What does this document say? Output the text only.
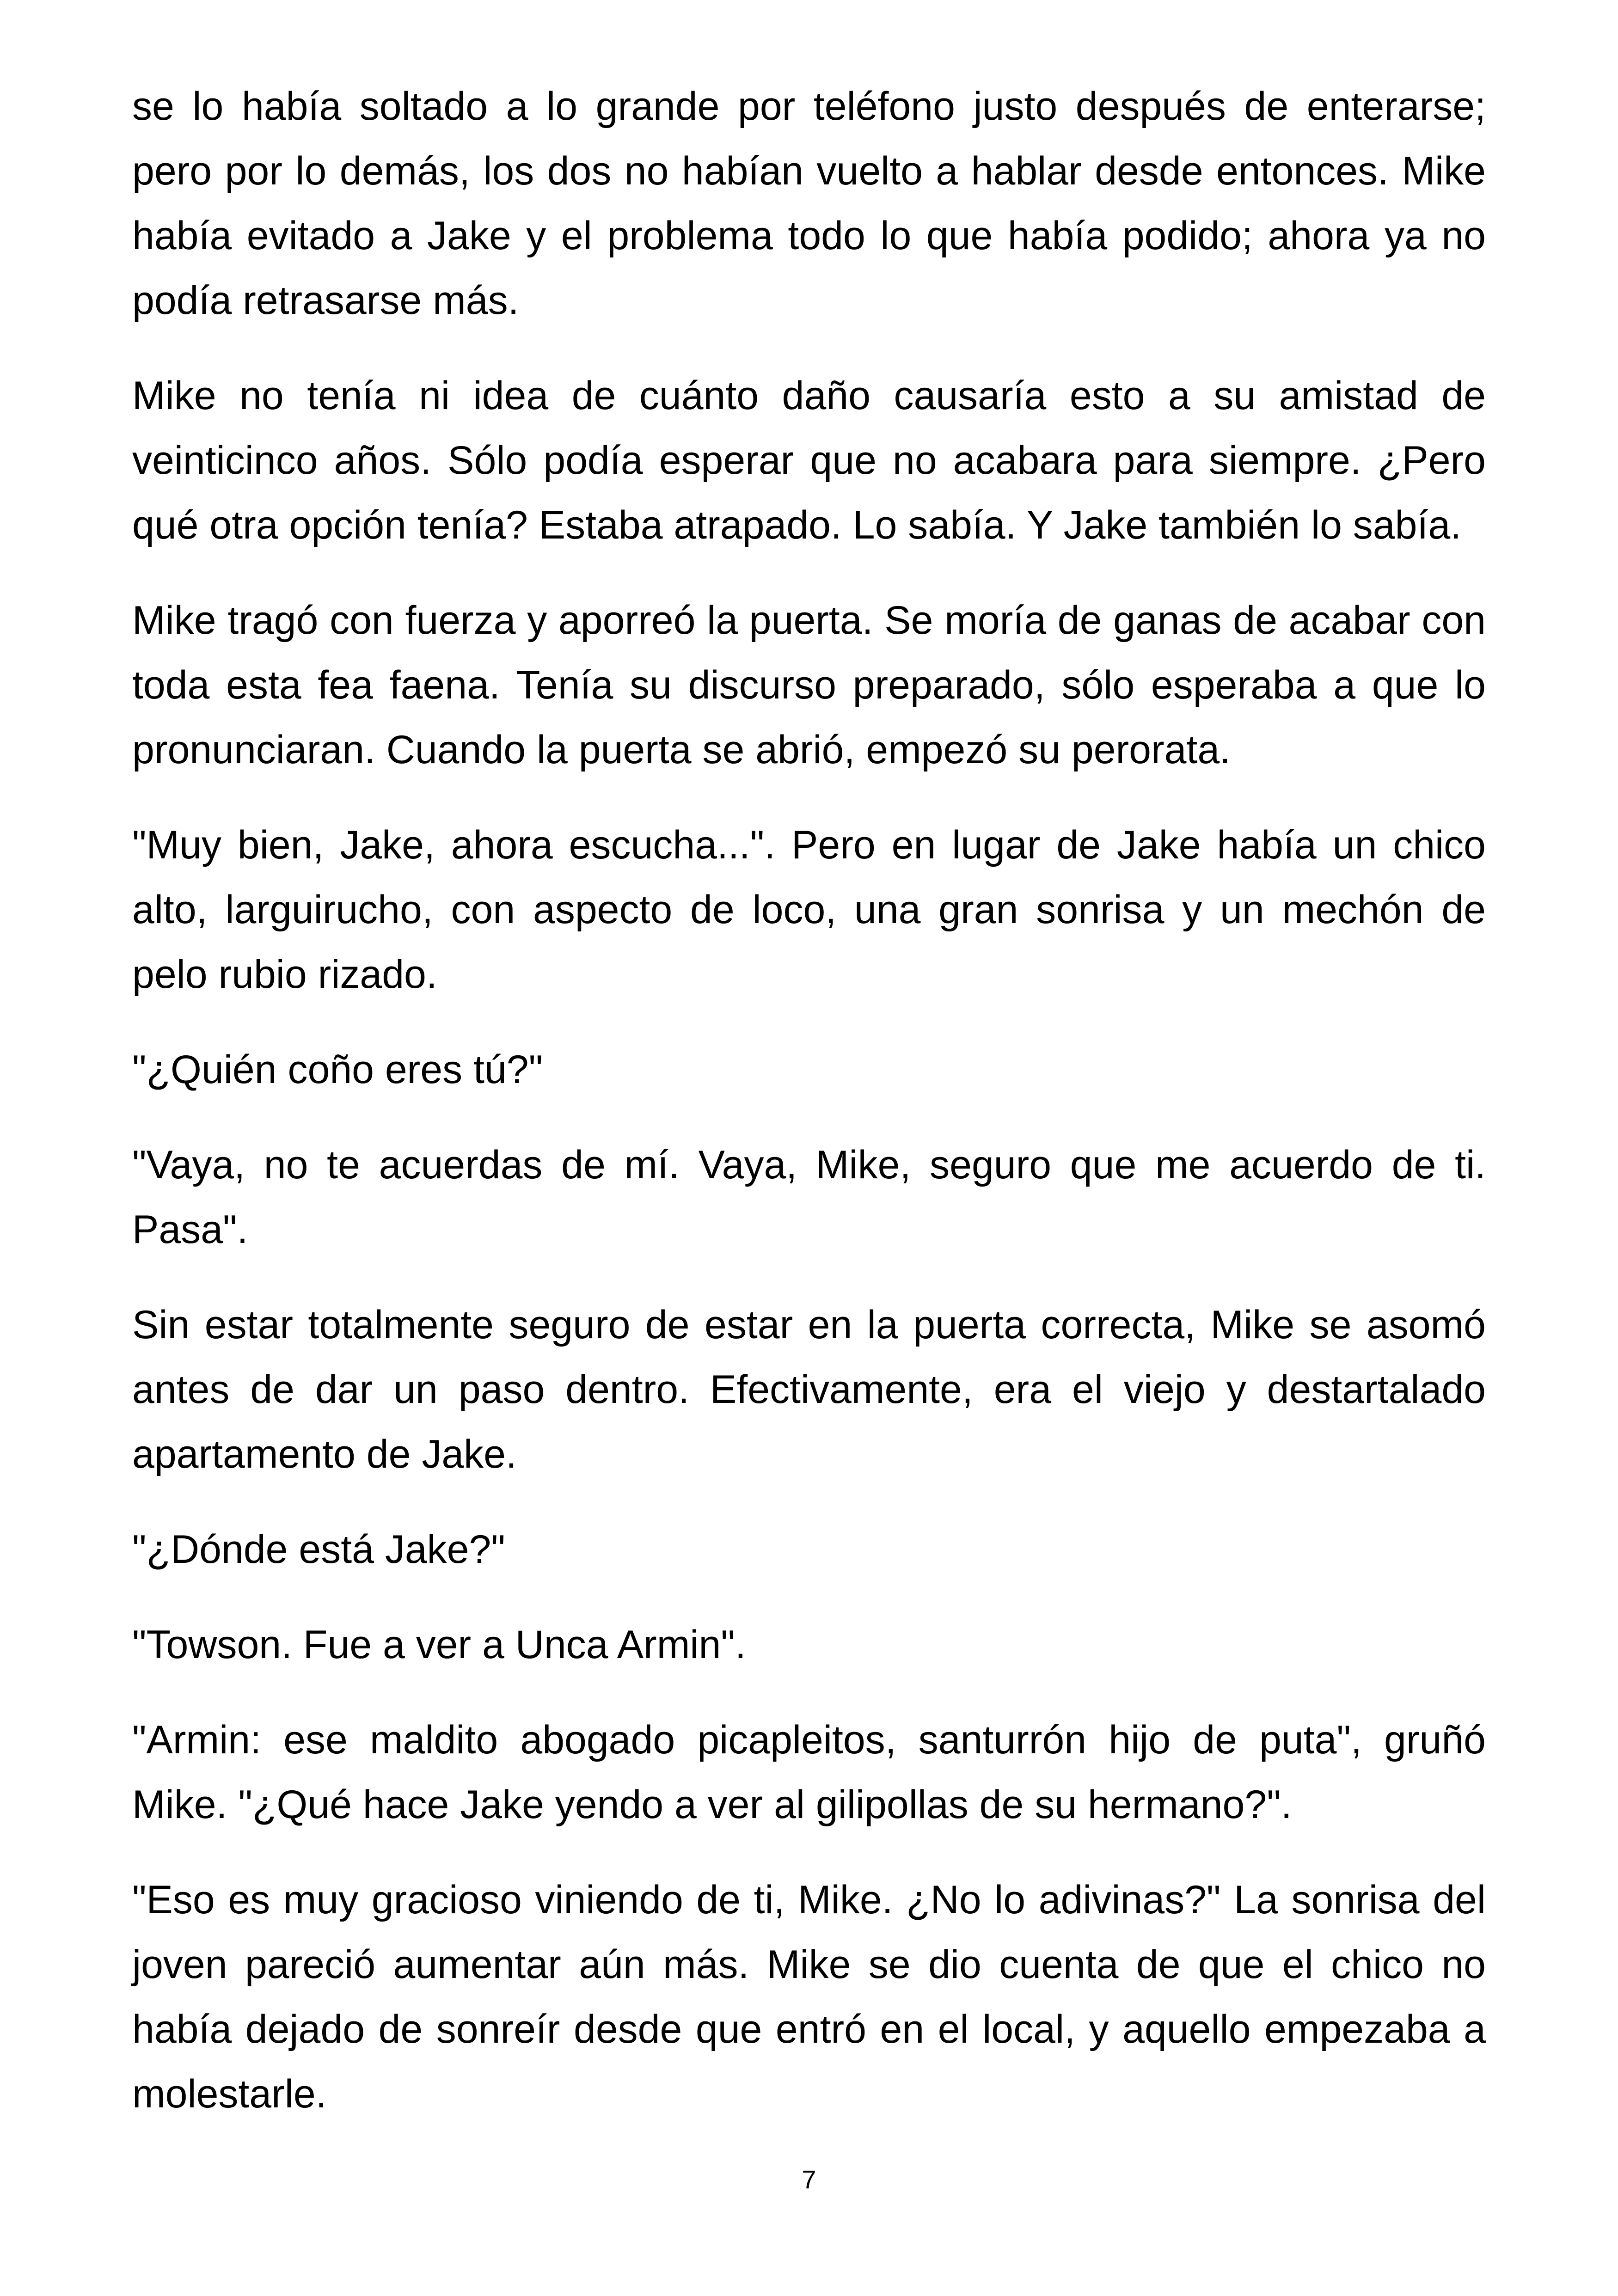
se lo había soltado a lo grande por teléfono justo después de enterarse; pero por lo demás, los dos no habían vuelto a hablar desde entonces. Mike había evitado a Jake y el problema todo lo que había podido; ahora ya no podía retrasarse más.

Mike no tenía ni idea de cuánto daño causaría esto a su amistad de veinticinco años. Sólo podía esperar que no acabara para siempre. ¿Pero qué otra opción tenía? Estaba atrapado. Lo sabía. Y Jake también lo sabía.

Mike tragó con fuerza y aporreó la puerta. Se moría de ganas de acabar con toda esta fea faena. Tenía su discurso preparado, sólo esperaba a que lo pronunciaran. Cuando la puerta se abrió, empezó su perorata.

"Muy bien, Jake, ahora escucha...". Pero en lugar de Jake había un chico alto, larguirucho, con aspecto de loco, una gran sonrisa y un mechón de pelo rubio rizado.

"¿Quién coño eres tú?"

"Vaya, no te acuerdas de mí. Vaya, Mike, seguro que me acuerdo de ti. Pasa".

Sin estar totalmente seguro de estar en la puerta correcta, Mike se asomó antes de dar un paso dentro. Efectivamente, era el viejo y destartalado apartamento de Jake.

"¿Dónde está Jake?"

"Towson. Fue a ver a Unca Armin".

"Armin: ese maldito abogado picapleitos, santurrón hijo de puta", gruñó Mike. "¿Qué hace Jake yendo a ver al gilipollas de su hermano?".

"Eso es muy gracioso viniendo de ti, Mike. ¿No lo adivinas?" La sonrisa del joven pareció aumentar aún más. Mike se dio cuenta de que el chico no había dejado de sonreír desde que entró en el local, y aquello empezaba a molestarle.

7
